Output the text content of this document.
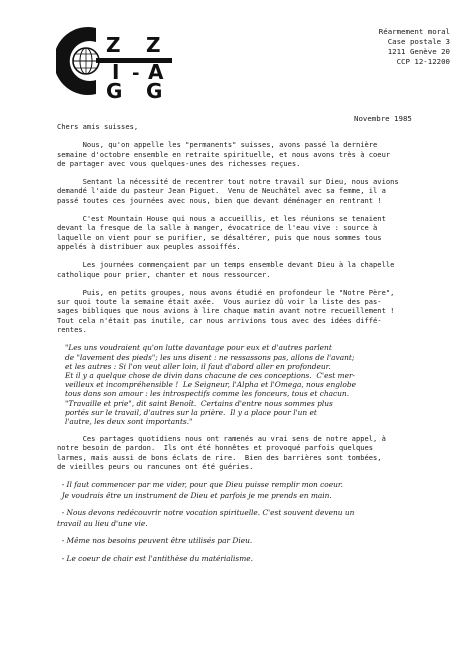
Z Z
I - A
G G
Réarmement moral
Case postale 3
1211 Genève 20
CCP 12-12200
Novembre 1985

Chers amis suisses,

Nous, qu'on appelle les "permanents" suisses, avons passé la dernière

semaine d'octobre ensemble en retraite spirituelle, et nous avons très à coeur

de partager avec vous quelques-unes des richesses reçues.

Sentant la nécessité de recentrer tout notre travail sur Dieu, nous avions

demandé l'aide du pasteur Jean Piguet.  Venu de Neuchâtel avec sa femme, il a

passé toutes ces journées avec nous, bien que devant déménager en rentrant !

C'est Mountain House qui nous a accueillis, et les réunions se tenaient

devant la fresque de la salle à manger, évocatrice de l'eau vive : source à

laquelle on vient pour se purifier, se désaltérer, puis que nous sommes tous

appelés à distribuer aux peuples assoiffés.

Les journées commençaient par un temps ensemble devant Dieu à la chapelle

catholique pour prier, chanter et nous ressourcer.

Puis, en petits groupes, nous avons étudié en profondeur le "Notre Père",

sur quoi toute la semaine était axée.  Vous auriez dû voir la liste des pas-

sages bibliques que nous avions à lire chaque matin avant notre recueillement !

Tout cela n'était pas inutile, car nous arrivions tous avec des idées diffé-

rentes.

"Les uns voudraient qu'on lutte davantage pour eux et d'autres parlent

de "lavement des pieds"; les uns disent : ne ressassons pas, allons de l'avant;

et les autres : Si l'on veut aller loin, il faut d'abord aller en profondeur.

Et il y a quelque chose de divin dans chacune de ces conceptions.  C'est mer-

veilleux et incompréhensible !  Le Seigneur, l'Alpha et l'Omega, nous englobe

tous dans son amour : les introspectifs comme les fonceurs, tous et chacun.

"Travaille et prie", dit saint Benoît.  Certains d'entre nous sommes plus

portés sur le travail, d'autres sur la prière.  Il y a place pour l'un et

l'autre, les deux sont importants."

Ces partages quotidiens nous ont ramenés au vrai sens de notre appel, à

notre besoin de pardon.  Ils ont été honnêtes et provoqué parfois quelques

larmes, mais aussi de bons éclats de rire.  Bien des barrières sont tombées,

de vieilles peurs ou rancunes ont été guéries.

- Il faut commencer par me vider, pour que Dieu puisse remplir mon coeur.

Je voudrais être un instrument de Dieu et parfois je me prends en main.

- Nous devons redécouvrir notre vocation spirituelle. C'est souvent devenu un

travail au lieu d'une vie.

- Même nos besoins peuvent être utilisés par Dieu.

- Le coeur de chair est l'antithèse du matérialisme.
